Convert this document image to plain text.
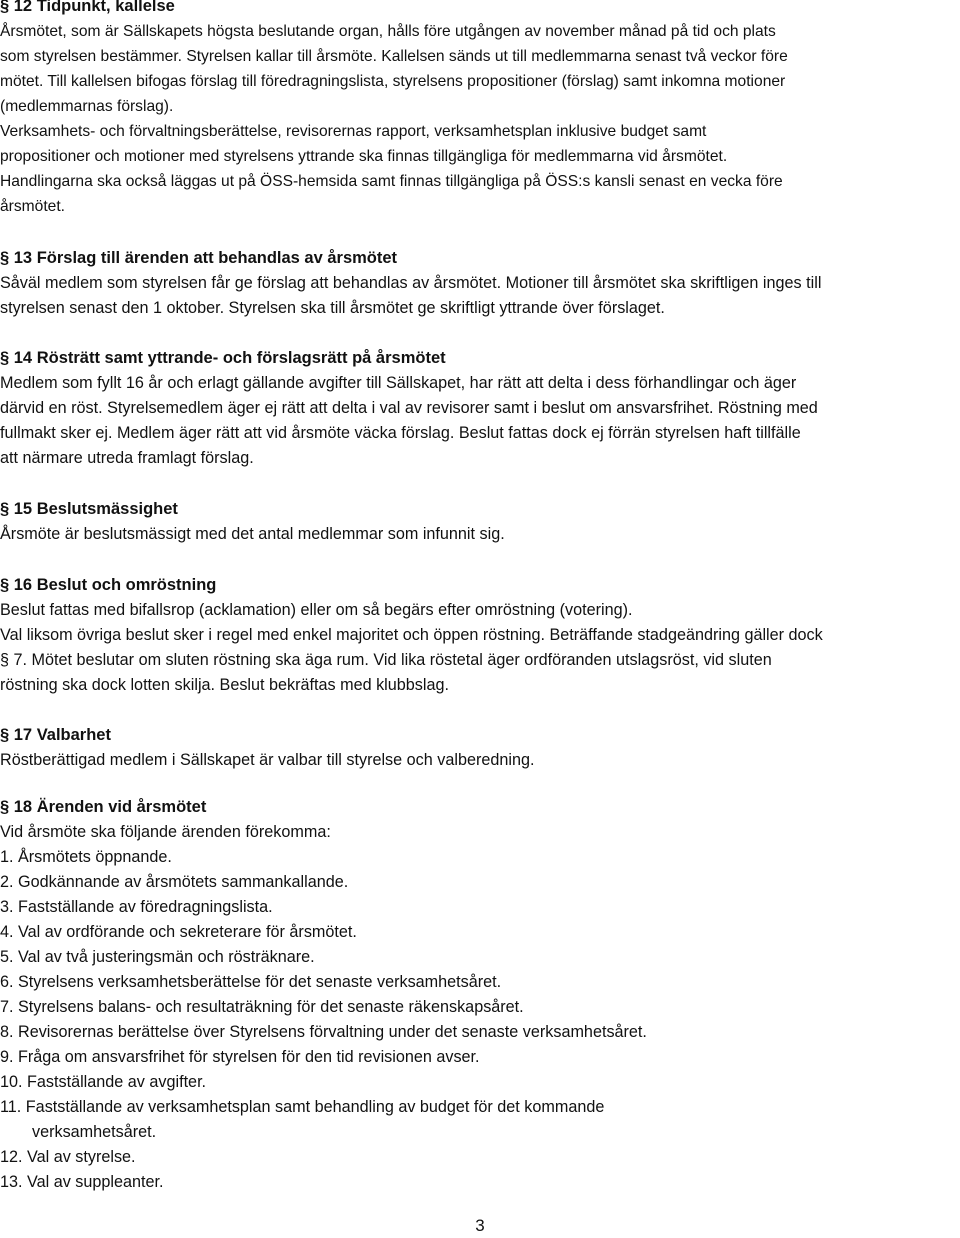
§ 12 Tidpunkt, kallelse
Årsmötet, som är Sällskapets högsta beslutande organ, hålls före utgången av november månad på tid och plats
som styrelsen bestämmer. Styrelsen kallar till årsmöte. Kallelsen sänds ut till medlemmarna senast två veckor före
mötet. Till kallelsen bifogas förslag till föredragningslista, styrelsens propositioner (förslag) samt inkomna motioner
(medlemmarnas förslag).
Verksamhets- och förvaltningsberättelse, revisorernas rapport, verksamhetsplan inklusive budget samt
propositioner och motioner med styrelsens yttrande ska finnas tillgängliga för medlemmarna vid årsmötet.
Handlingarna ska också läggas ut på ÖSS-hemsida samt finnas tillgängliga på ÖSS:s kansli senast en vecka före
årsmötet.
§ 13 Förslag till ärenden att behandlas av årsmötet
Såväl medlem som styrelsen får ge förslag att behandlas av årsmötet. Motioner till årsmötet ska skriftligen inges till
styrelsen senast den 1 oktober. Styrelsen ska till årsmötet ge skriftligt yttrande över förslaget.
§ 14 Rösträtt samt yttrande- och förslagsrätt på årsmötet
Medlem som fyllt 16 år och erlagt gällande avgifter till Sällskapet, har rätt att delta i dess förhandlingar och äger
därvid en röst. Styrelsemedlem äger ej rätt att delta i val av revisorer samt i beslut om ansvarsfrihet. Röstning med
fullmakt sker ej. Medlem äger rätt att vid årsmöte väcka förslag. Beslut fattas dock ej förrän styrelsen haft tillfälle
att närmare utreda framlagt förslag.
§ 15 Beslutsmässighet
Årsmöte är beslutsmässigt med det antal medlemmar som infunnit sig.
§ 16 Beslut och omröstning
Beslut fattas med bifallsrop (acklamation) eller om så begärs efter omröstning (votering).
Val liksom övriga beslut sker i regel med enkel majoritet och öppen röstning. Beträffande stadgeändring gäller dock
§ 7. Mötet beslutar om sluten röstning ska äga rum. Vid lika röstetal äger ordföranden utslagsröst, vid sluten
röstning ska dock lotten skilja. Beslut bekräftas med klubbslag.
§ 17 Valbarhet
Röstberättigad medlem i Sällskapet är valbar till styrelse och valberedning.
§ 18 Ärenden vid årsmötet
Vid årsmöte ska följande ärenden förekomma:
1. Årsmötets öppnande.
2. Godkännande av årsmötets sammankallande.
3. Fastställande av föredragningslista.
4. Val av ordförande och sekreterare för årsmötet.
5. Val av två justeringsmän och rösträknare.
6. Styrelsens verksamhetsberättelse för det senaste verksamhetsåret.
7. Styrelsens balans- och resultaträkning för det senaste räkenskapsåret.
8. Revisorernas berättelse över Styrelsens förvaltning under det senaste verksamhetsåret.
9. Fråga om ansvarsfrihet för styrelsen för den tid revisionen avser.
10. Fastställande av avgifter.
11. Fastställande av verksamhetsplan samt behandling av budget för det kommande
verksamhetsåret.
12. Val av styrelse.
13. Val av suppleanter.
3
